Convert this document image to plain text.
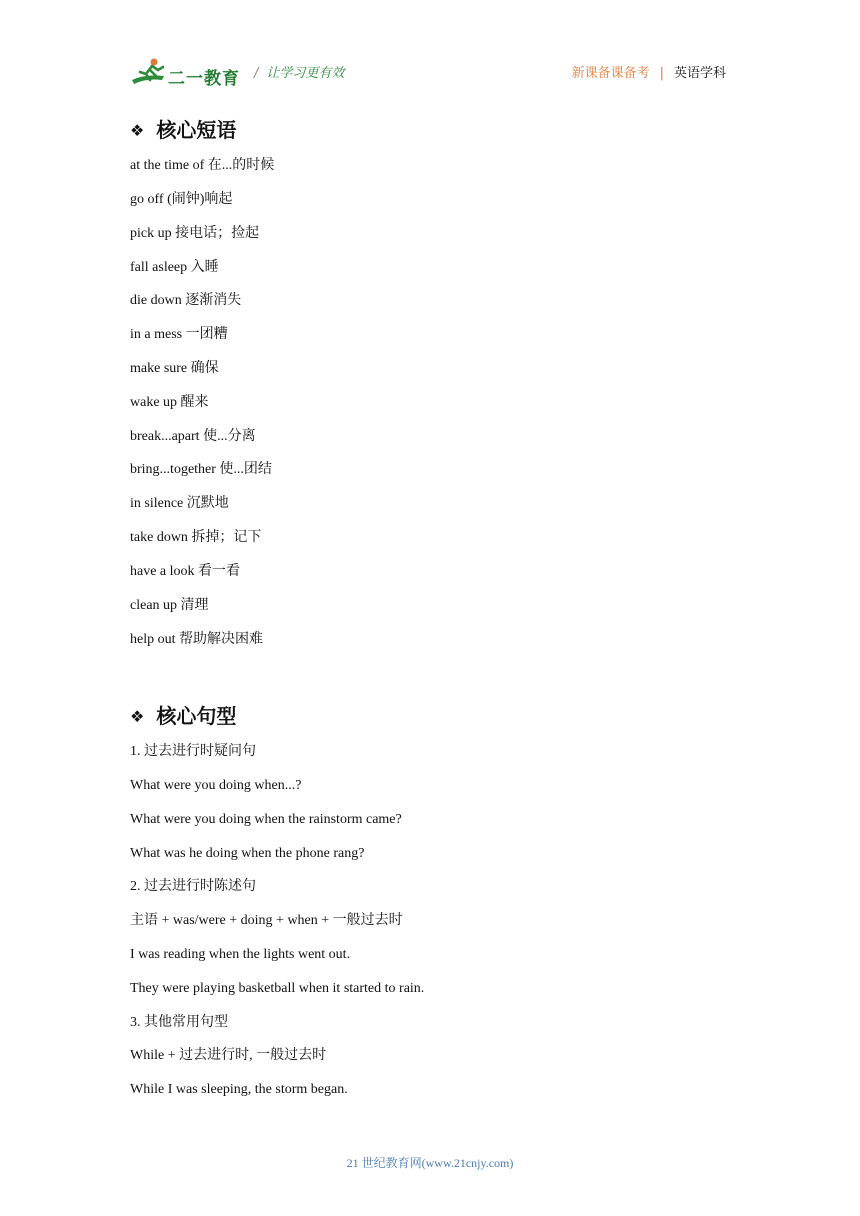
二一教育 / 让学习更有效	新课备课备考 | 英语学科
❖ 核心短语
at the time of 在...的时候
go off (闹钟)响起
pick up 接电话；捡起
fall asleep 入睡
die down 逐渐消失
in a mess 一团糟
make sure 确保
wake up 醒来
break...apart 使...分离
bring...together 使...团结
in silence 沉默地
take down 拆掉；记下
have a look 看一看
clean up 清理
help out 帮助解决困难
❖ 核心句型
1. 过去进行时疑问句
What were you doing when...?
What were you doing when the rainstorm came?
What was he doing when the phone rang?
2. 过去进行时陈述句
主语 + was/were + doing + when + 一般过去时
I was reading when the lights went out.
They were playing basketball when it started to rain.
3. 其他常用句型
While + 过去进行时, 一般过去时
While I was sleeping, the storm began.
21 世纪教育网(www.21cnjy.com)
